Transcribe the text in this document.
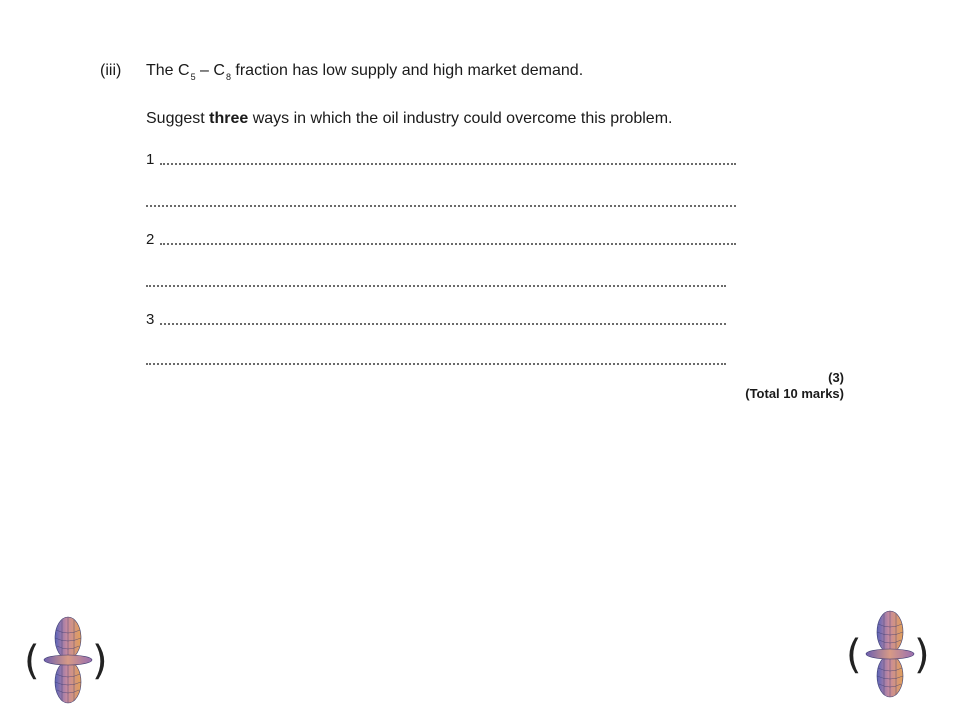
(iii) The $C_5 - C_8$ fraction has low supply and high market demand.
Suggest three ways in which the oil industry could overcome this problem.
1
2
3
(3)
(Total 10 marks)
( )	( )
